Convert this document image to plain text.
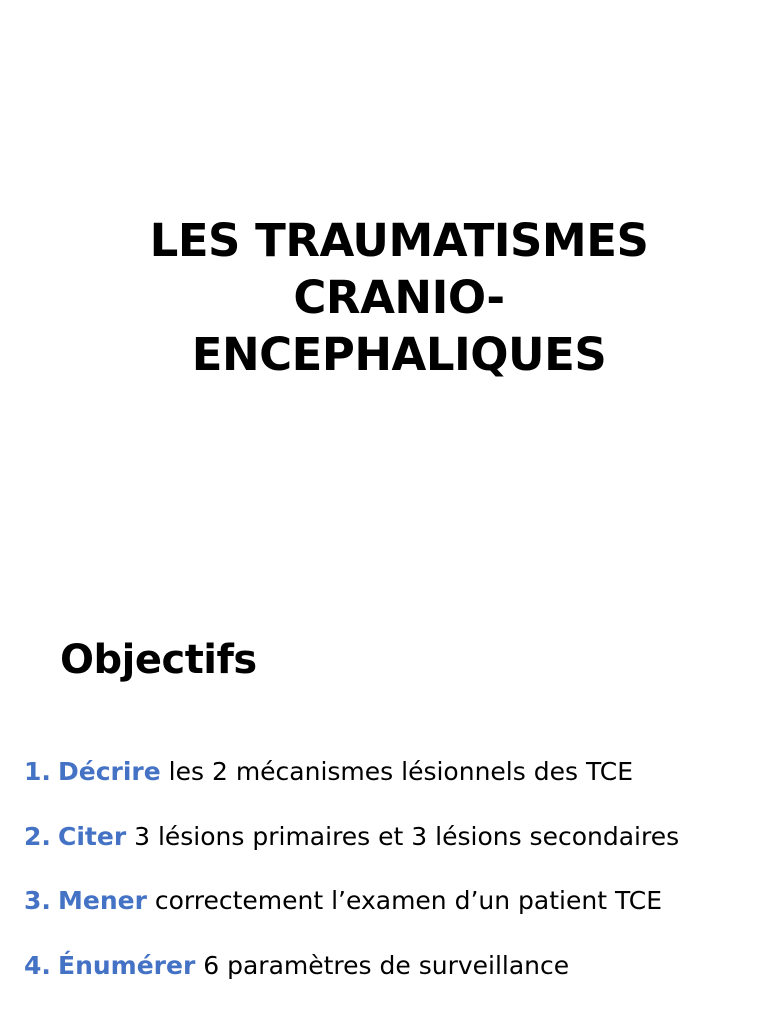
LES TRAUMATISMES
CRANIO-
ENCEPHALIQUES
Objectifs
1. Décrire les 2 mécanismes lésionnels des TCE
2. Citer 3 lésions primaires et 3 lésions secondaires
3. Mener correctement l’examen d’un patient TCE
4. Énumérer 6 paramètres de surveillance
